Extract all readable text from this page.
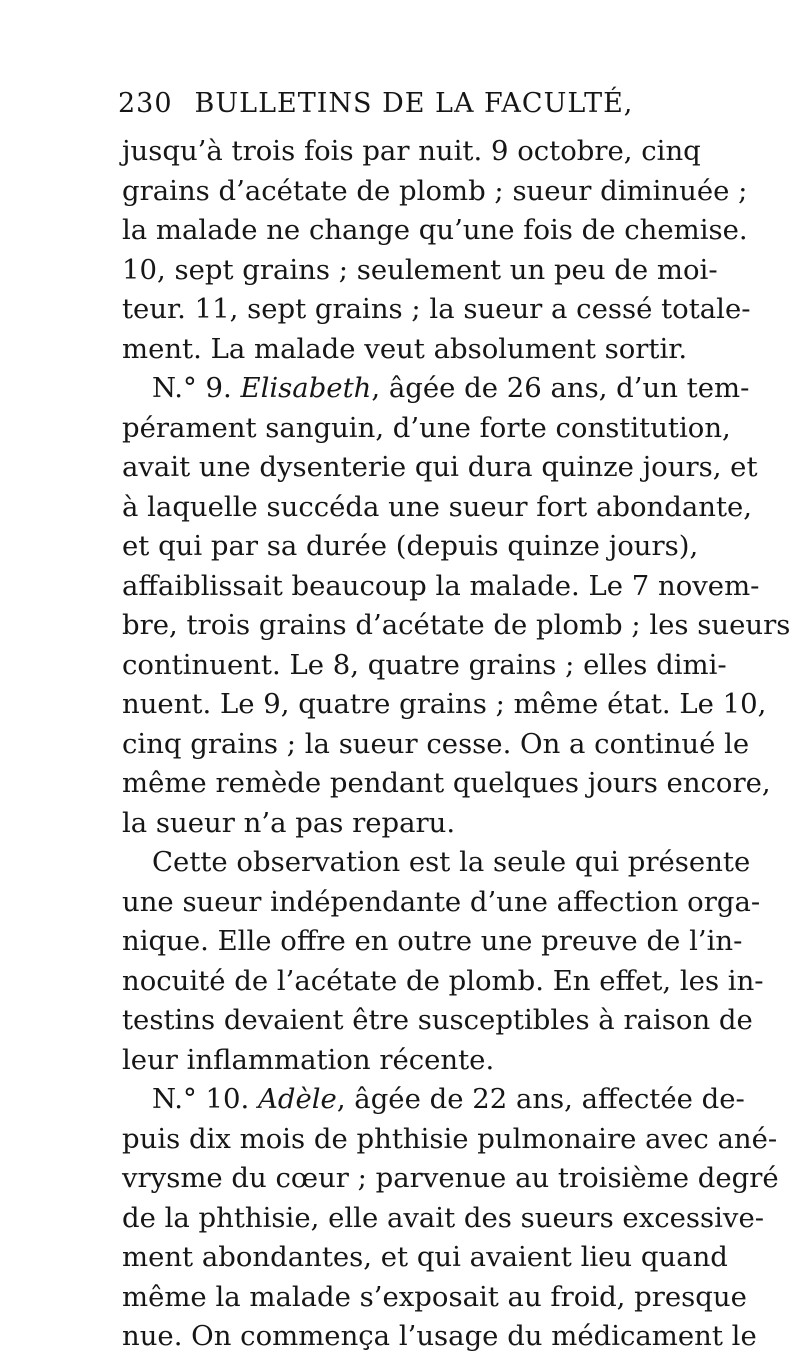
230 BULLETINS DE LA FACULTÉ,
jusqu’à trois fois par nuit. 9 octobre, cinq
grains d’acétate de plomb ; sueur diminuée ;
la malade ne change qu’une fois de chemise.
10, sept grains ; seulement un peu de moi-
teur. 11, sept grains ; la sueur a cessé totale-
ment. La malade veut absolument sortir.
N.° 9. Elisabeth, âgée de 26 ans, d’un tem-
pérament sanguin, d’une forte constitution,
avait une dysenterie qui dura quinze jours, et
à laquelle succéda une sueur fort abondante,
et qui par sa durée (depuis quinze jours),
affaiblissait beaucoup la malade. Le 7 novem-
bre, trois grains d’acétate de plomb ; les sueurs
continuent. Le 8, quatre grains ; elles dimi-
nuent. Le 9, quatre grains ; même état. Le 10,
cinq grains ; la sueur cesse. On a continué le
même remède pendant quelques jours encore,
la sueur n’a pas reparu.
Cette observation est la seule qui présente
une sueur indépendante d’une affection orga-
nique. Elle offre en outre une preuve de l’in-
nocuité de l’acétate de plomb. En effet, les in-
testins devaient être susceptibles à raison de
leur inflammation récente.
N.° 10. Adèle, âgée de 22 ans, affectée de-
puis dix mois de phthisie pulmonaire avec ané-
vrysme du cœur ; parvenue au troisième degré
de la phthisie, elle avait des sueurs excessive-
ment abondantes, et qui avaient lieu quand
même la malade s’exposait au froid, presque
nue. On commença l’usage du médicament le
